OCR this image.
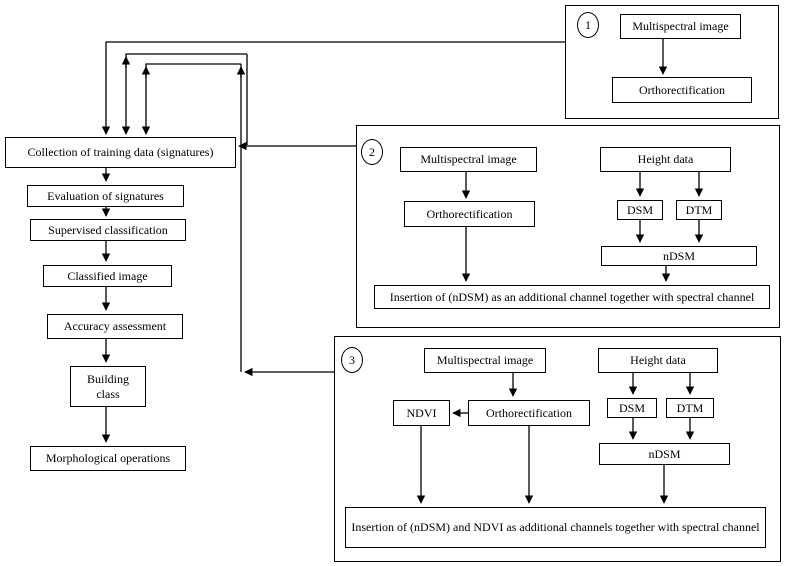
Collection of training data (signatures)
Evaluation of signatures
Supervised classification
Classified image
Accuracy assessment
Building class
Morphological operations
1	Multispectral image
Orthorectification
2
Multispectral image
Orthorectification
Height data
DSM	DTM
nDSM
Insertion of (nDSM) as an additional channel together with spectral channel
3	Multispectral image
NDVI	Orthorectification
Height data
DSM	DTM
nDSM
Insertion of (nDSM) and NDVI as additional channels together with spectral channel
